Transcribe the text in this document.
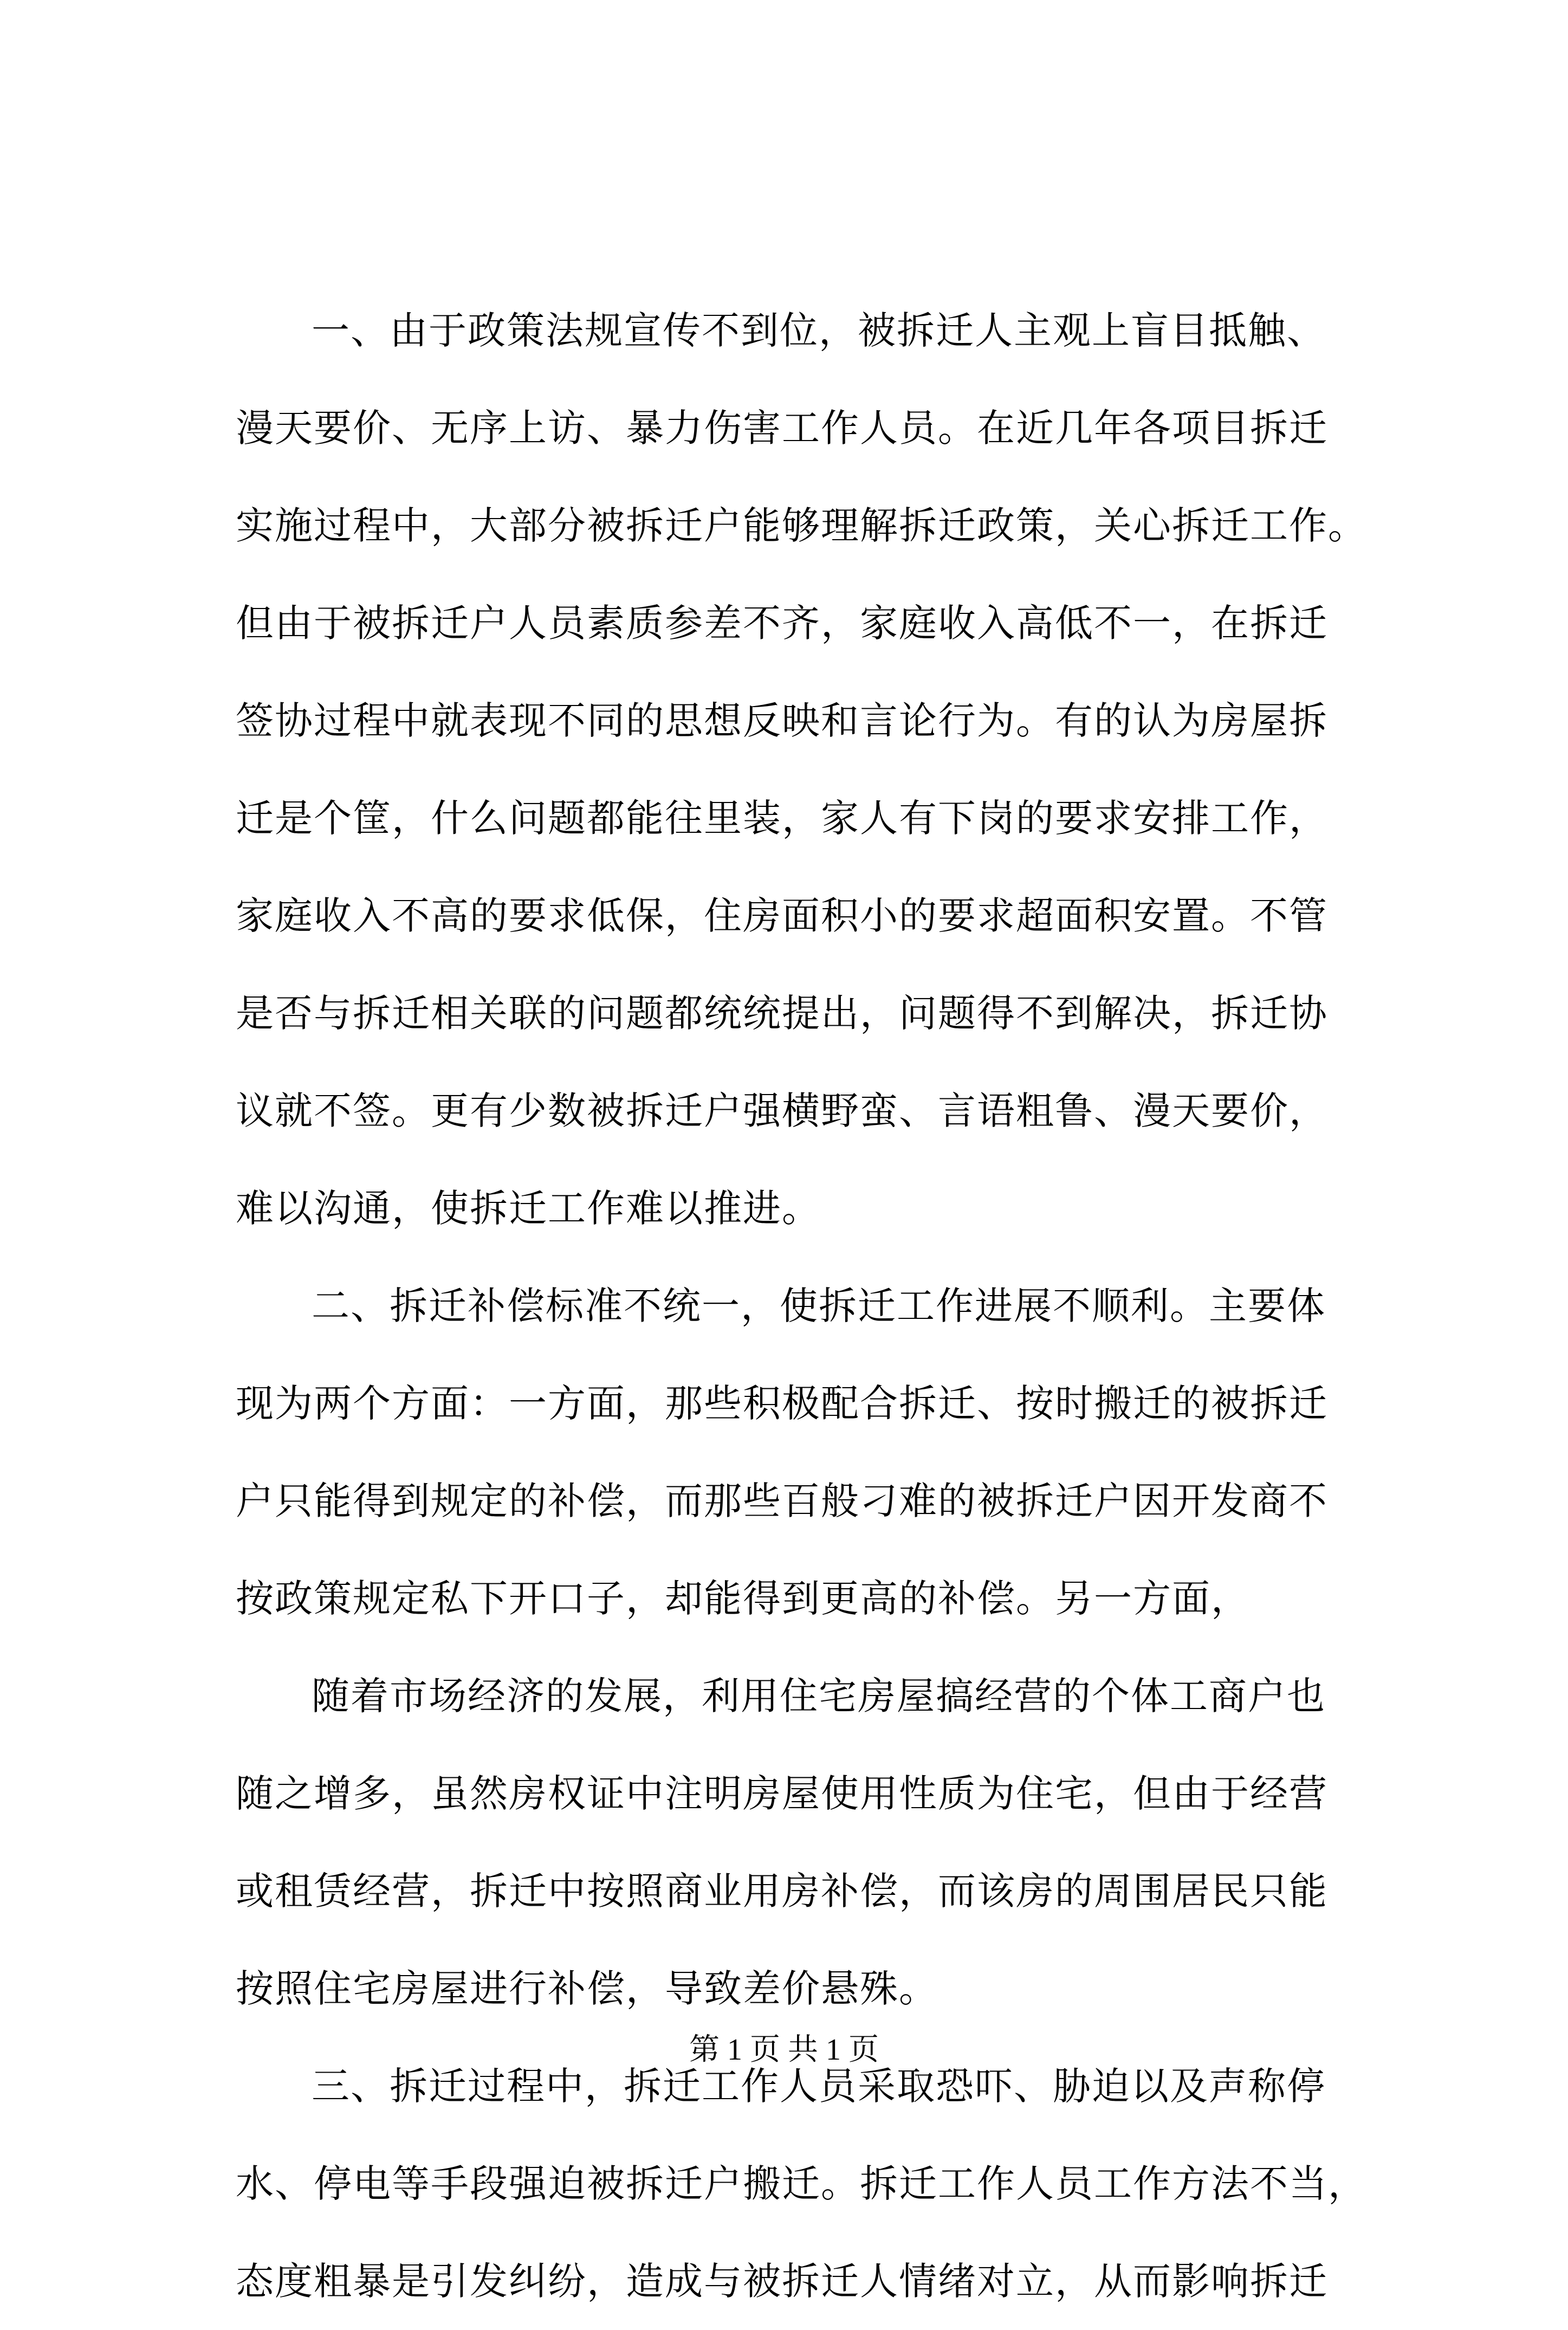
一、由于政策法规宣传不到位，被拆迁人主观上盲目抵触、
漫天要价、无序上访、暴力伤害工作人员。在近几年各项目拆迁
实施过程中，大部分被拆迁户能够理解拆迁政策，关心拆迁工作。
但由于被拆迁户人员素质参差不齐，家庭收入高低不一，在拆迁
签协过程中就表现不同的思想反映和言论行为。有的认为房屋拆
迁是个筐，什么问题都能往里装，家人有下岗的要求安排工作，
家庭收入不高的要求低保，住房面积小的要求超面积安置。不管
是否与拆迁相关联的问题都统统提出，问题得不到解决，拆迁协
议就不签。更有少数被拆迁户强横野蛮、言语粗鲁、漫天要价，
难以沟通，使拆迁工作难以推进。
二、拆迁补偿标准不统一，使拆迁工作进展不顺利。主要体
现为两个方面：一方面，那些积极配合拆迁、按时搬迁的被拆迁
户只能得到规定的补偿，而那些百般刁难的被拆迁户因开发商不
按政策规定私下开口子，却能得到更高的补偿。另一方面，
随着市场经济的发展，利用住宅房屋搞经营的个体工商户也
随之增多，虽然房权证中注明房屋使用性质为住宅，但由于经营
或租赁经营，拆迁中按照商业用房补偿，而该房的周围居民只能
按照住宅房屋进行补偿，导致差价悬殊。
三、拆迁过程中，拆迁工作人员采取恐吓、胁迫以及声称停
水、停电等手段强迫被拆迁户搬迁。拆迁工作人员工作方法不当，
态度粗暴是引发纠纷，造成与被拆迁人情绪对立，从而影响拆迁
第 1 页 共 1 页
